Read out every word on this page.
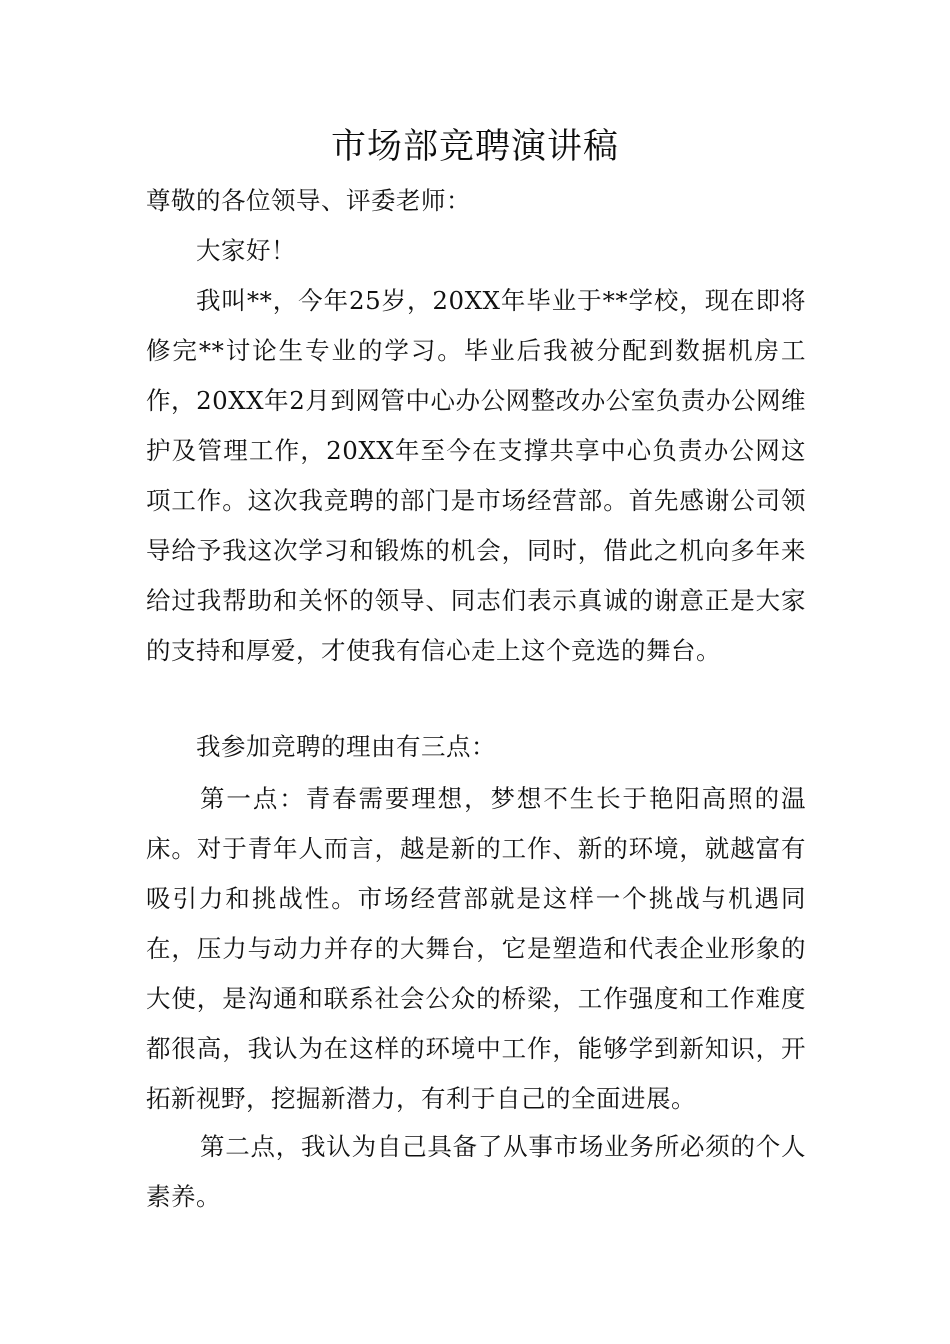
市场部竞聘演讲稿
尊敬的各位领导、评委老师：
大家好！
我叫**，今年25岁，20XX年毕业于**学校，现在即将修完**讨论生专业的学习。毕业后我被分配到数据机房工作，20XX年2月到网管中心办公网整改办公室负责办公网维护及管理工作，20XX年至今在支撑共享中心负责办公网这项工作。这次我竞聘的部门是市场经营部。首先感谢公司领导给予我这次学习和锻炼的机会，同时，借此之机向多年来给过我帮助和关怀的领导、同志们表示真诚的谢意正是大家的支持和厚爱，才使我有信心走上这个竞选的舞台。
我参加竞聘的理由有三点：
第一点：青春需要理想，梦想不生长于艳阳高照的温床。对于青年人而言，越是新的工作、新的环境，就越富有吸引力和挑战性。市场经营部就是这样一个挑战与机遇同在，压力与动力并存的大舞台，它是塑造和代表企业形象的大使，是沟通和联系社会公众的桥梁，工作强度和工作难度都很高，我认为在这样的环境中工作，能够学到新知识，开拓新视野，挖掘新潜力，有利于自己的全面进展。
第二点，我认为自己具备了从事市场业务所必须的个人素养。
